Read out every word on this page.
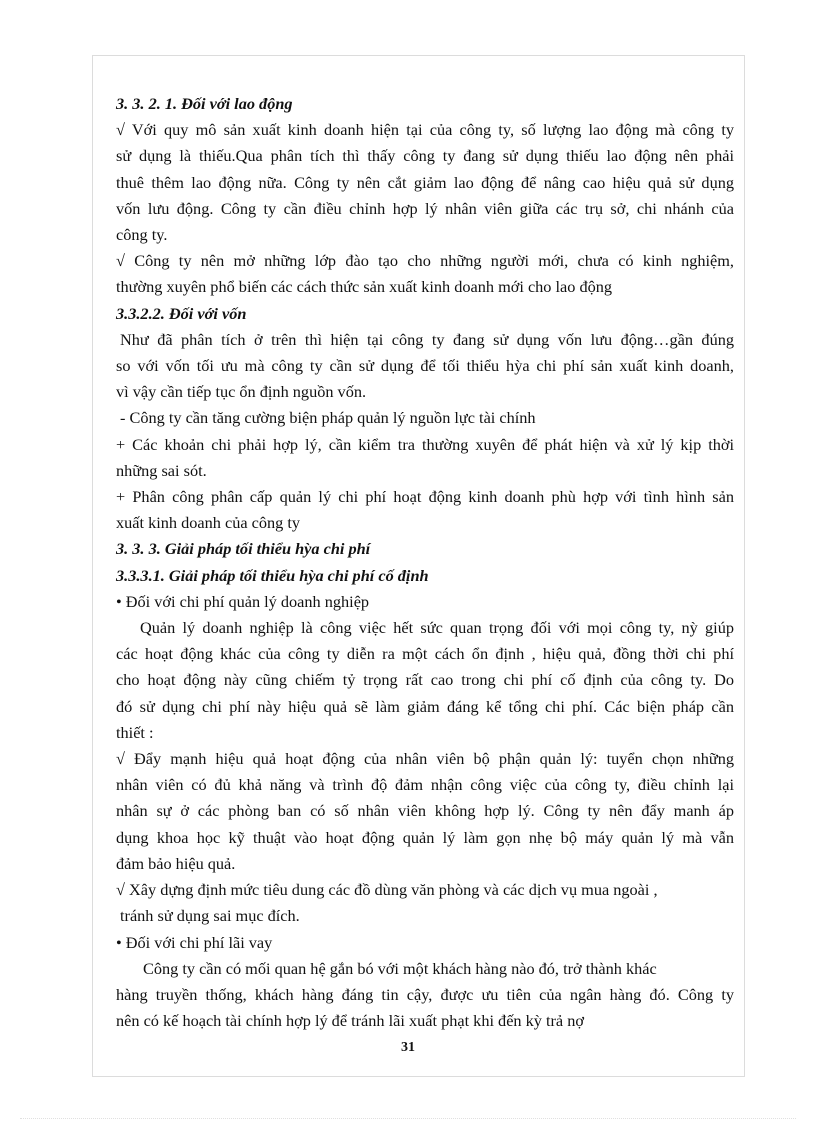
3. 3. 2. 1. Đối với lao động
√ Với quy mô sản xuất kinh doanh hiện tại của công ty, số lượng lao động mà công ty
sử dụng là thiếu.Qua phân tích thì thấy công ty đang sử dụng thiếu lao động nên phải
thuê thêm lao động nữa. Công ty nên cắt giảm lao động để nâng cao hiệu quả sử dụng
vốn lưu động. Công ty cần điều chỉnh hợp lý nhân viên giữa các trụ sở, chi nhánh của
công ty.
√ Công ty nên mở những lớp đào tạo cho những người mới, chưa có kinh nghiệm,
thường xuyên phổ biến các cách thức sản xuất kinh doanh mới cho lao động
3.3.2.2. Đối với vốn
Như đã phân tích ở trên thì hiện tại công ty đang sử dụng vốn lưu động…gần đúng
so với vốn tối ưu mà công ty cần sử dụng để tối thiểu hỳa chi phí sản xuất kinh doanh,
vì vậy cần tiếp tục ổn định nguồn vốn.
- Công ty cần tăng cường biện pháp quản lý nguồn lực tài chính
+ Các khoản chi phải hợp lý, cần kiểm tra thường xuyên để phát hiện và xử lý kịp thời
những sai sót.
+ Phân công phân cấp quản lý chi phí hoạt động kinh doanh phù hợp với tình hình sản
xuất kinh doanh của công ty
3. 3. 3. Giải pháp tối thiểu hỳa chi phí
3.3.3.1. Giải pháp tối thiểu hỳa chi phí cố định
• Đối với chi phí quản lý doanh nghiệp
Quản lý doanh nghiệp là công việc hết sức quan trọng đối với mọi công ty, nỳ giúp
các hoạt động khác của công ty diễn ra một cách ổn định , hiệu quả, đồng thời chi phí
cho hoạt động này cũng chiếm tỷ trọng rất cao trong chi phí cố định của công ty. Do
đó sử dụng chi phí này hiệu quả sẽ làm giảm đáng kể tổng chi phí. Các biện pháp cần
thiết :
√ Đẩy mạnh hiệu quả hoạt động của nhân viên bộ phận quản lý: tuyển chọn những
nhân viên có đủ khả năng và trình độ đảm nhận công việc của công ty, điều chỉnh lại
nhân sự ở các phòng ban có số nhân viên không hợp lý. Công ty nên đẩy manh áp
dụng khoa học kỹ thuật vào hoạt động quản lý làm gọn nhẹ bộ máy quản lý mà vẫn
đảm bảo hiệu quả.
√ Xây dựng định mức tiêu dung các đồ dùng văn phòng và các dịch vụ mua ngoài ,
tránh sử dụng sai mục đích.
• Đối với chi phí lãi vay
Công ty cần có mối quan hệ gắn bó với một khách hàng nào đó, trở thành khác
hàng truyền thống, khách hàng đáng tin cậy, được ưu tiên của ngân hàng đó. Công ty
nên có kế hoạch tài chính hợp lý để tránh lãi xuất phạt khi đến kỳ trả nợ
31
